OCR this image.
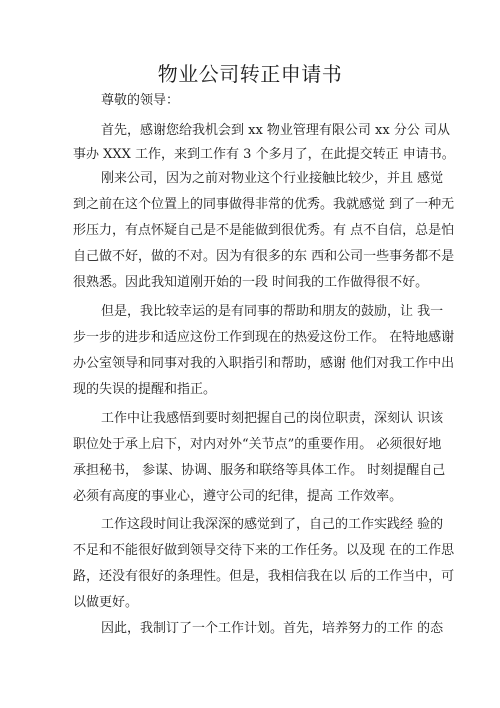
物业公司转正申请书

尊敬的领导：

首先，感谢您给我机会到 xx 物业管理有限公司 xx 分公 司从

事办 XXX 工作，来到工作有 3 个多月了，在此提交转正 申请书。

刚来公司，因为之前对物业这个行业接触比较少，并且 感觉

到之前在这个位置上的同事做得非常的优秀。我就感觉 到了一种无

形压力，有点怀疑自己是不是能做到很优秀。有 点不自信，总是怕

自己做不好，做的不对。因为有很多的东 西和公司一些事务都不是

很熟悉。因此我知道刚开始的一段 时间我的工作做得很不好。

但是，我比较幸运的是有同事的帮助和朋友的鼓励，让 我一

步一步的进步和适应这份工作到现在的热爱这份工作。 在特地感谢

办公室领导和同事对我的入职指引和帮助，感谢 他们对我工作中出

现的失误的提醒和指正。

工作中让我感悟到要时刻把握自己的岗位职责，深刻认 识该

职位处于承上启下，对内对外“关节点”的重要作用。 必须很好地

承担秘书， 参谋、协调、服务和联络等具体工作。 时刻提醒自己

必须有高度的事业心，遵守公司的纪律，提高 工作效率。

工作这段时间让我深深的感觉到了，自己的工作实践经 验的

不足和不能很好做到领导交待下来的工作任务。以及现 在的工作思

路，还没有很好的条理性。但是，我相信我在以 后的工作当中，可

以做更好。

因此，我制订了一个工作计划。首先，培养努力的工作 的态
